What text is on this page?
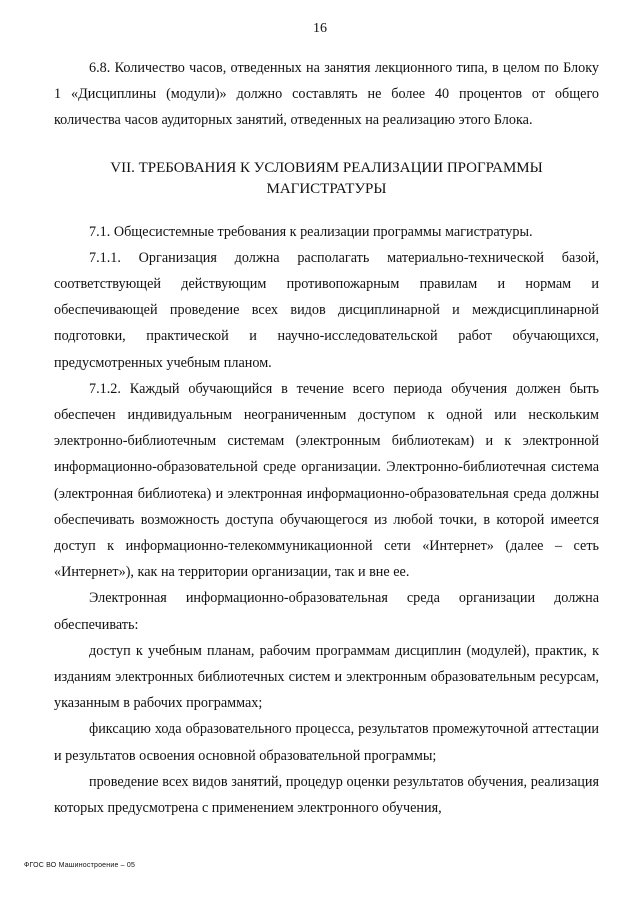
16

6.8. Количество часов, отведенных на занятия лекционного типа, в целом по Блоку 1 «Дисциплины (модули)» должно составлять не более 40 процентов от общего количества часов аудиторных занятий, отведенных на реализацию этого Блока.

VII. ТРЕБОВАНИЯ К УСЛОВИЯМ РЕАЛИЗАЦИИ ПРОГРАММЫ МАГИСТРАТУРЫ

7.1. Общесистемные требования к реализации программы магистратуры.

7.1.1. Организация должна располагать материально-технической базой, соответствующей действующим противопожарным правилам и нормам и обеспечивающей проведение всех видов дисциплинарной и междисциплинарной подготовки, практической и научно-исследовательской работ обучающихся, предусмотренных учебным планом.

7.1.2. Каждый обучающийся в течение всего периода обучения должен быть обеспечен индивидуальным неограниченным доступом к одной или нескольким электронно-библиотечным системам (электронным библиотекам) и к электронной информационно-образовательной среде организации. Электронно-библиотечная система (электронная библиотека) и электронная информационно-образовательная среда должны обеспечивать возможность доступа обучающегося из любой точки, в которой имеется доступ к информационно-телекоммуникационной сети «Интернет» (далее – сеть «Интернет»), как на территории организации, так и вне ее.

Электронная информационно-образовательная среда организации должна обеспечивать:

доступ к учебным планам, рабочим программам дисциплин (модулей), практик, к изданиям электронных библиотечных систем и электронным образовательным ресурсам, указанным в рабочих программах;

фиксацию хода образовательного процесса, результатов промежуточной аттестации и результатов освоения основной образовательной программы;

проведение всех видов занятий, процедур оценки результатов обучения, реализация которых предусмотрена с применением электронного обучения,

ФГОС ВО Машиностроение – 05
